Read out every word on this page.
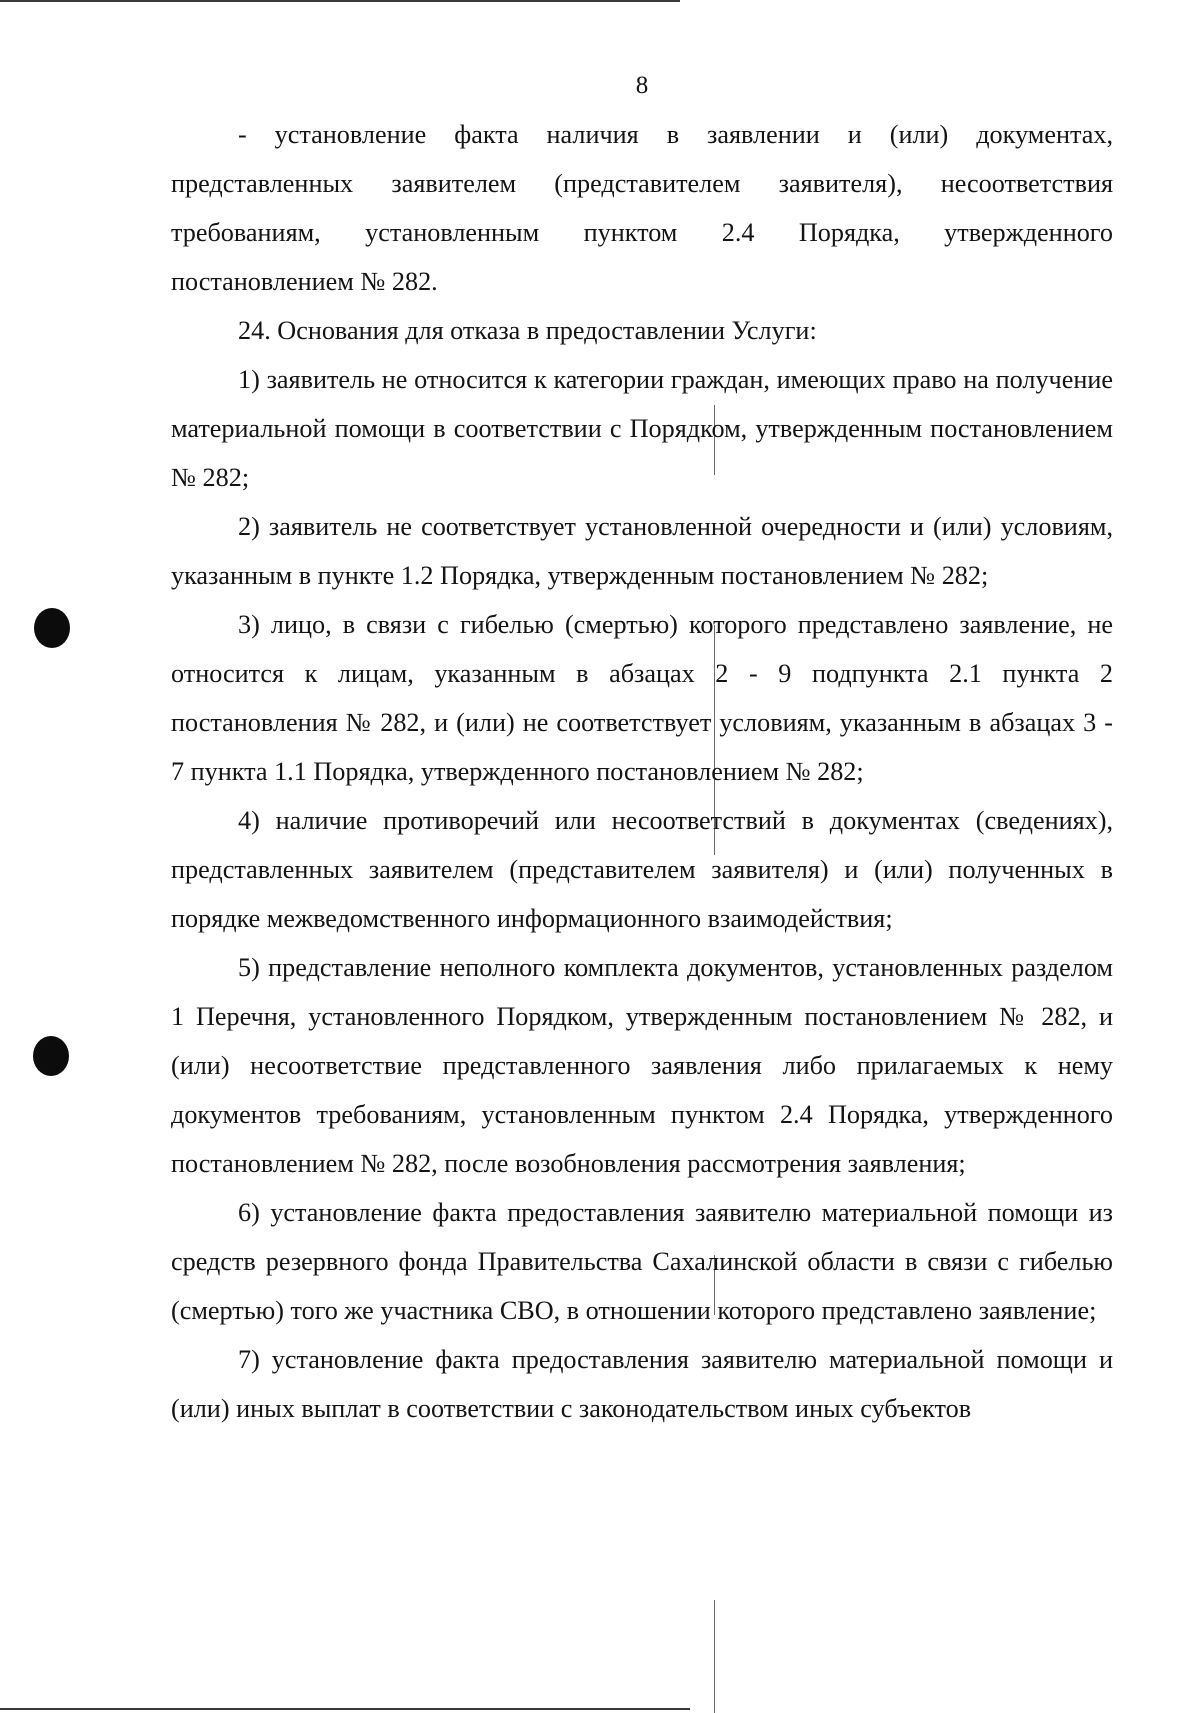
8

- установление факта наличия в заявлении и (или) документах, представленных заявителем (представителем заявителя), несоответствия требованиям, установленным пунктом 2.4 Порядка, утвержденного постановлением № 282.

24. Основания для отказа в предоставлении Услуги:

1) заявитель не относится к категории граждан, имеющих право на получение материальной помощи в соответствии с Порядком, утвержденным постановлением № 282;

2) заявитель не соответствует установленной очередности и (или) условиям, указанным в пункте 1.2 Порядка, утвержденным постановлением № 282;

3) лицо, в связи с гибелью (смертью) которого представлено заявление, не относится к лицам, указанным в абзацах 2 - 9 подпункта 2.1 пункта 2 постановления № 282, и (или) не соответствует условиям, указанным в абзацах 3 - 7 пункта 1.1 Порядка, утвержденного постановлением № 282;

4) наличие противоречий или несоответствий в документах (сведениях), представленных заявителем (представителем заявителя) и (или) полученных в порядке межведомственного информационного взаимодействия;

5) представление неполного комплекта документов, установленных разделом 1 Перечня, установленного Порядком, утвержденным постановлением № 282, и (или) несоответствие представленного заявления либо прилагаемых к нему документов требованиям, установленным пунктом 2.4 Порядка, утвержденного постановлением № 282, после возобновления рассмотрения заявления;

6) установление факта предоставления заявителю материальной помощи из средств резервного фонда Правительства Сахалинской области в связи с гибелью (смертью) того же участника СВО, в отношении которого представлено заявление;

7) установление факта предоставления заявителю материальной помощи и (или) иных выплат в соответствии с законодательством иных субъектов
